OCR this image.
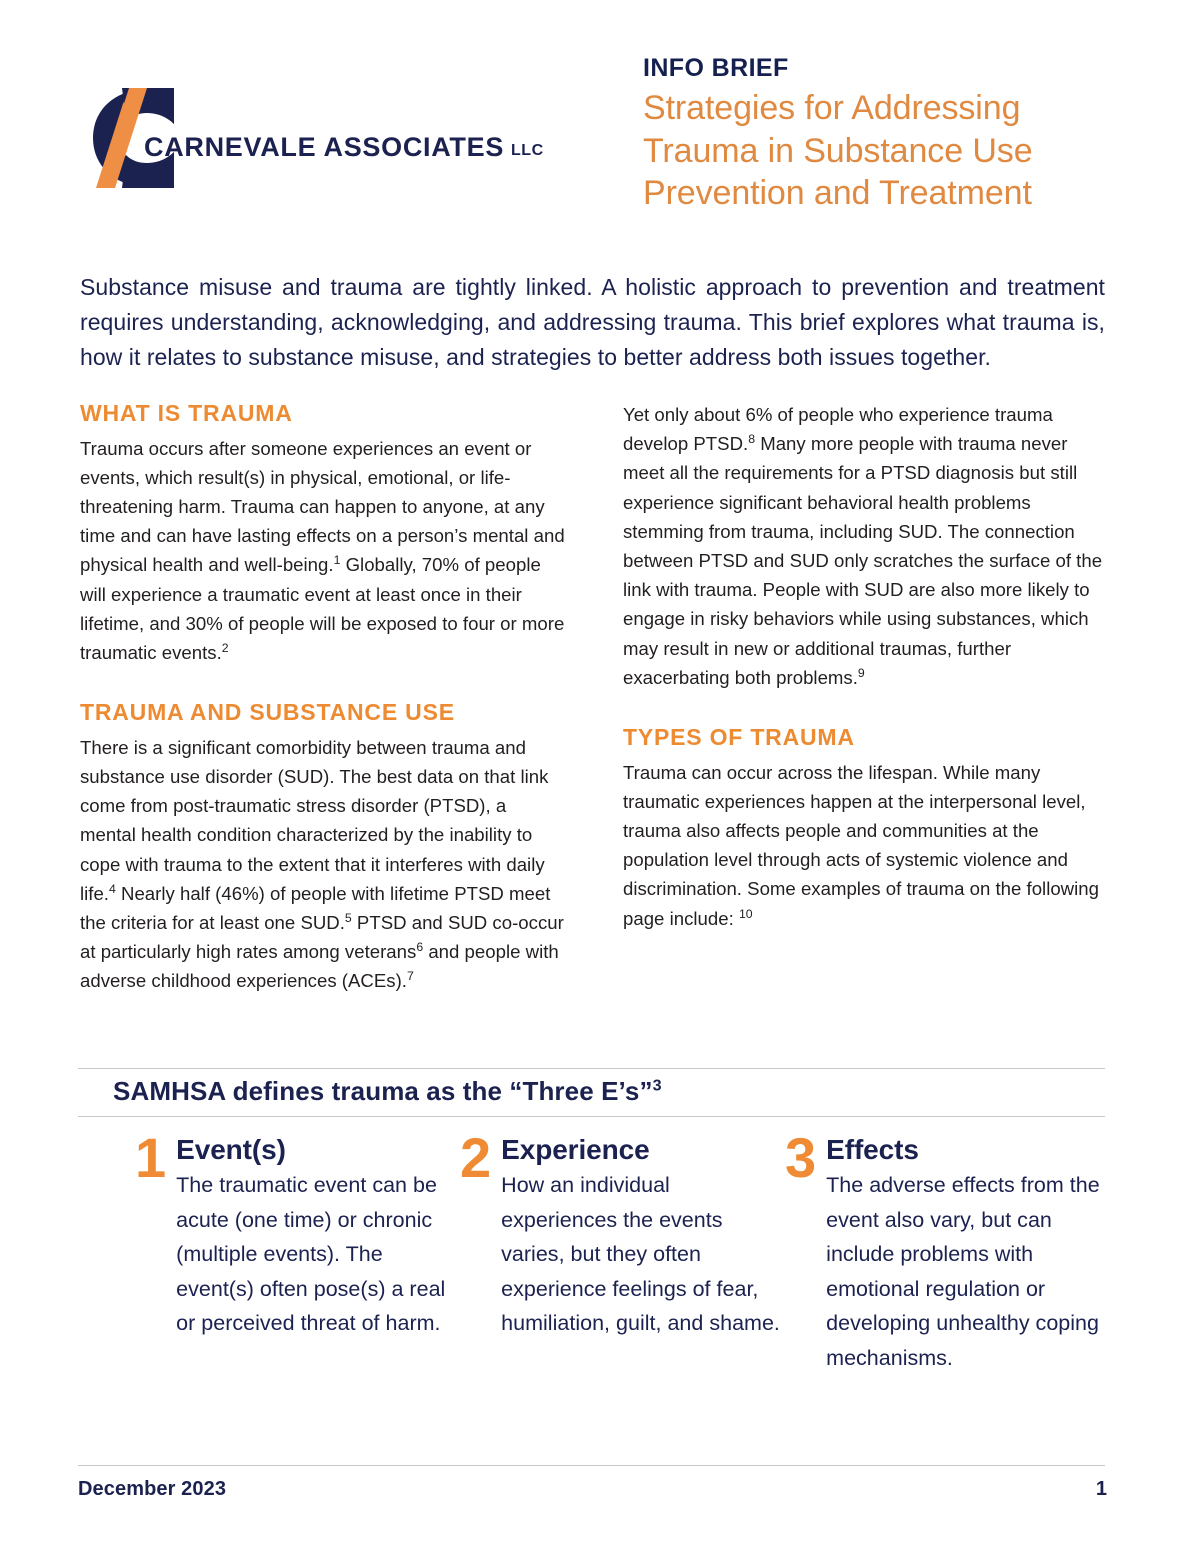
CARNEVALE ASSOCIATES LLC
INFO BRIEF
Strategies for Addressing Trauma in Substance Use Prevention and Treatment

Substance misuse and trauma are tightly linked. A holistic approach to prevention and treatment requires understanding, acknowledging, and addressing trauma. This brief explores what trauma is, how it relates to substance misuse, and strategies to better address both issues together.

WHAT IS TRAUMA

Trauma occurs after someone experiences an event or events, which result(s) in physical, emotional, or life-threatening harm. Trauma can happen to anyone, at any time and can have lasting effects on a person’s mental and physical health and well-being.$^1$ Globally, 70% of people will experience a traumatic event at least once in their lifetime, and 30% of people will be exposed to four or more traumatic events.$^2$

TRAUMA AND SUBSTANCE USE

There is a significant comorbidity between trauma and substance use disorder (SUD). The best data on that link come from post-traumatic stress disorder (PTSD), a mental health condition characterized by the inability to cope with trauma to the extent that it interferes with daily life.$^4$ Nearly half (46%) of people with lifetime PTSD meet the criteria for at least one SUD.$^5$ PTSD and SUD co-occur at particularly high rates among veterans$^6$ and people with adverse childhood experiences (ACEs).$^7$

Yet only about 6% of people who experience trauma develop PTSD.$^8$ Many more people with trauma never meet all the requirements for a PTSD diagnosis but still experience significant behavioral health problems stemming from trauma, including SUD. The connection between PTSD and SUD only scratches the surface of the link with trauma. People with SUD are also more likely to engage in risky behaviors while using substances, which may result in new or additional traumas, further exacerbating both problems.$^9$

TYPES OF TRAUMA

Trauma can occur across the lifespan. While many traumatic experiences happen at the interpersonal level, trauma also affects people and communities at the population level through acts of systemic violence and discrimination. Some examples of trauma on the following page include: $^{10}$

SAMHSA defines trauma as the “Three E’s”$^3$
1 Event(s)

The traumatic event can be acute (one time) or chronic (multiple events). The event(s) often pose(s) a real or perceived threat of harm.

2 Experience

How an individual experiences the events varies, but they often experience feelings of fear, humiliation, guilt, and shame.

3 Effects

The adverse effects from the event also vary, but can include problems with emotional regulation or developing unhealthy coping mechanisms.

December 2023	1
